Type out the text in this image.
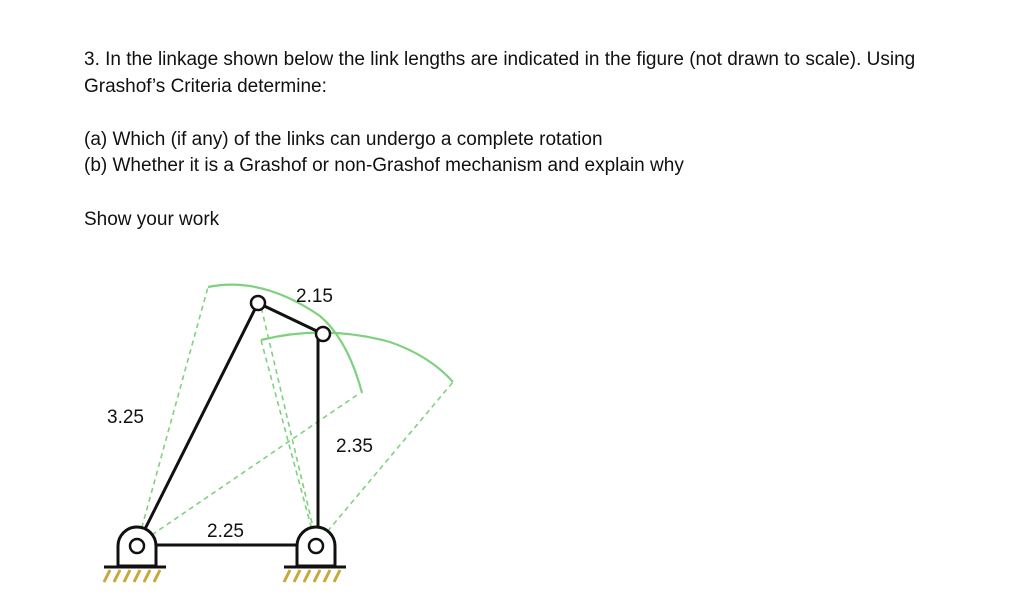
3. In the linkage shown below the link lengths are indicated in the figure (not drawn to scale). Using

Grashof’s Criteria determine:

(a) Which (if any) of the links can undergo a complete rotation

(b) Whether it is a Grashof or non-Grashof mechanism and explain why

Show your work

2.15
3.25
2.35
2.25
